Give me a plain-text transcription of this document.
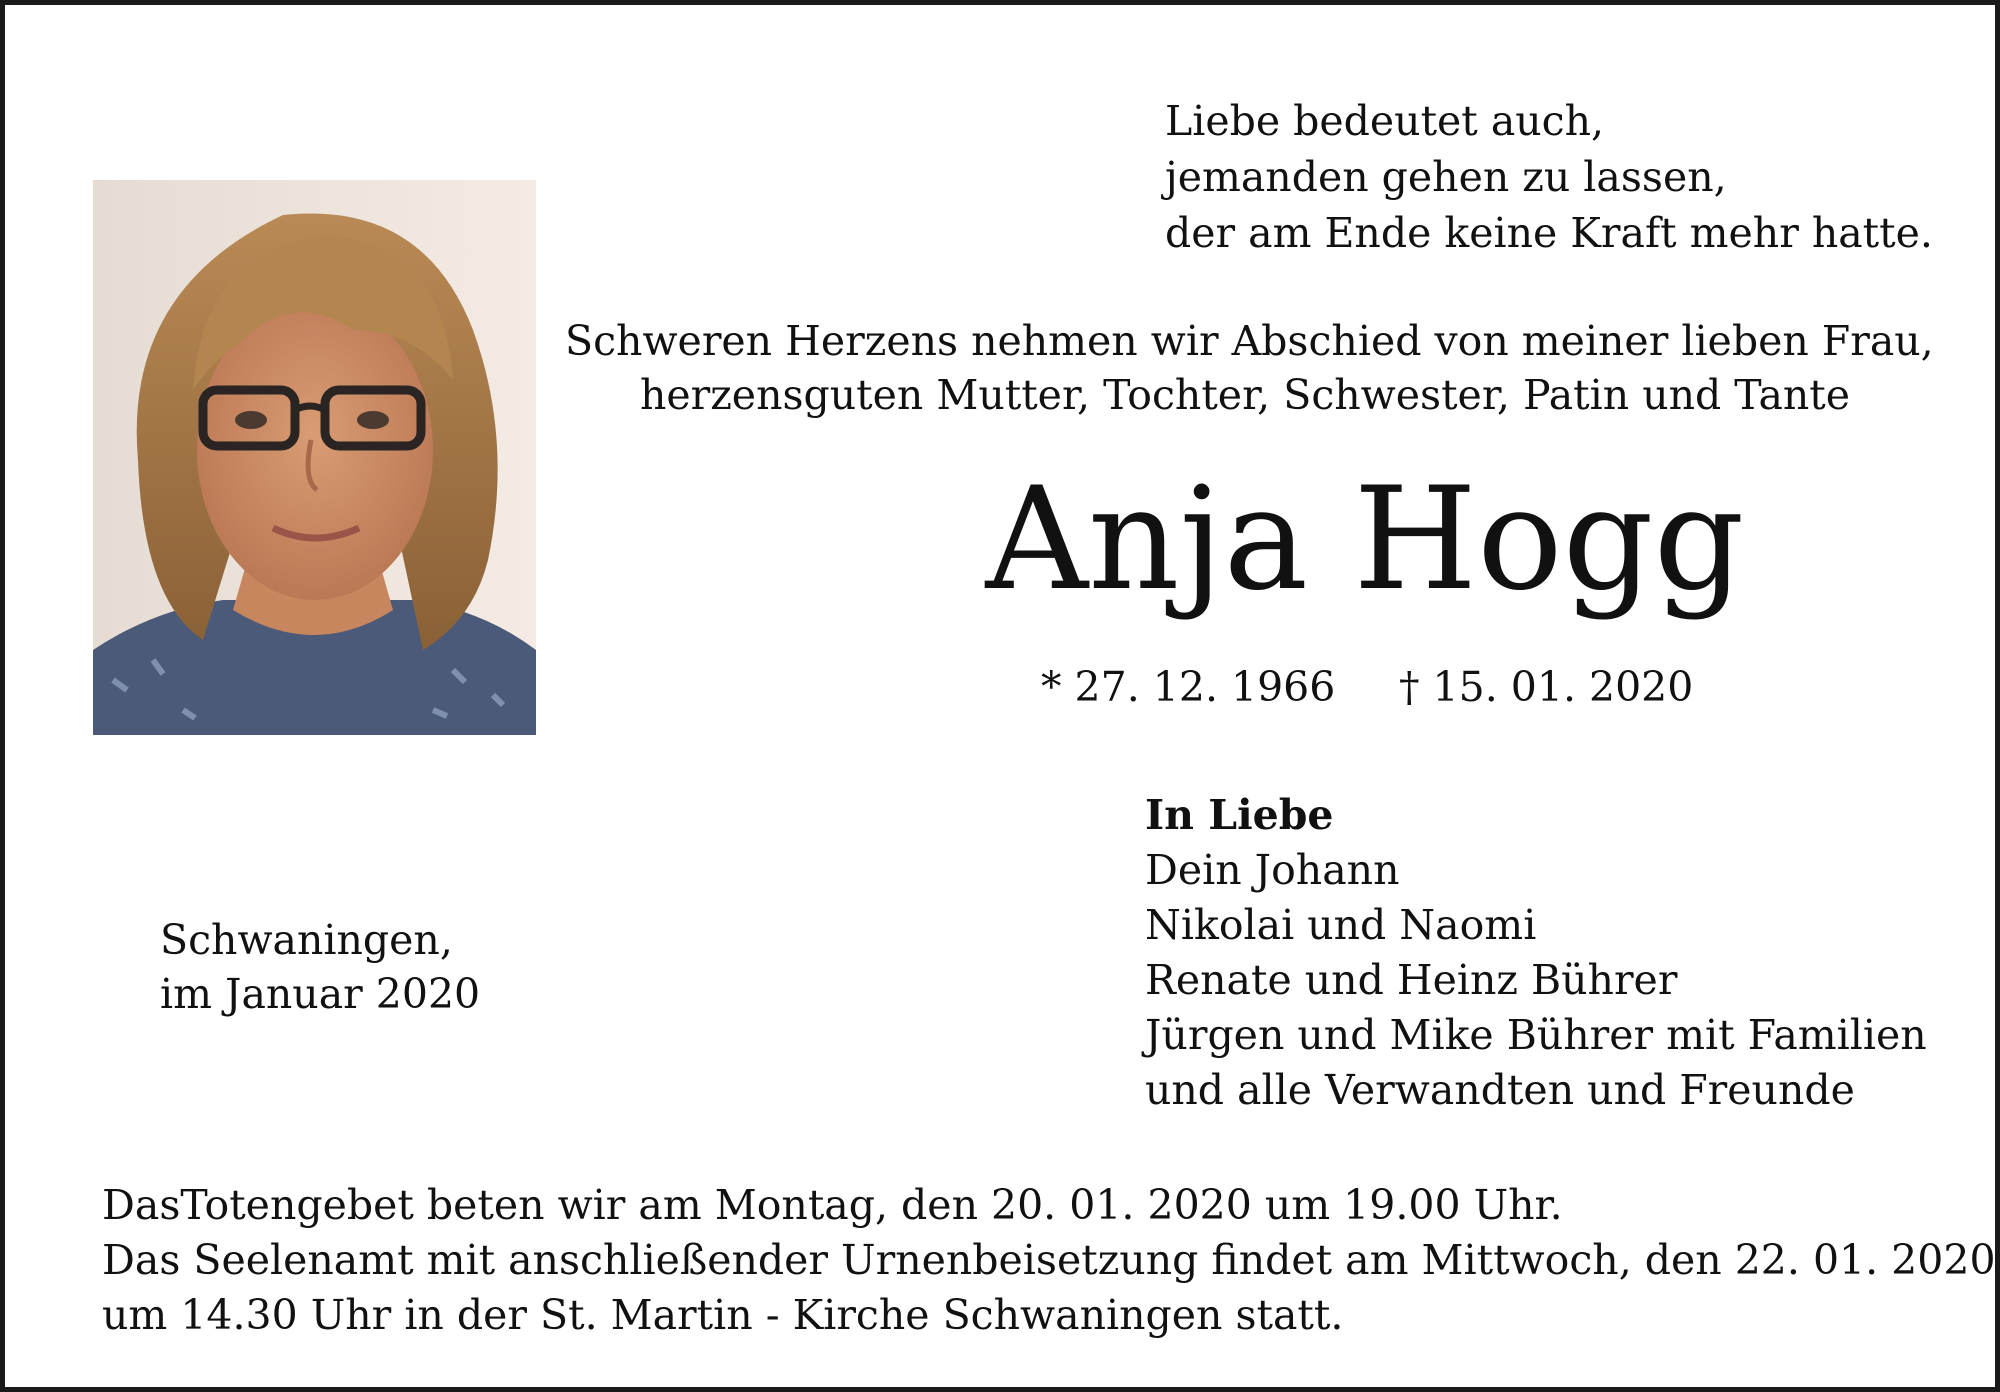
Liebe bedeutet auch,
jemanden gehen zu lassen,
der am Ende keine Kraft mehr hatte.
Schweren Herzens nehmen wir Abschied von meiner lieben Frau,
herzensguten Mutter, Tochter, Schwester, Patin und Tante
Anja Hogg
* 27. 12. 1966 † 15. 01. 2020
In Liebe
Dein Johann
Nikolai und Naomi
Renate und Heinz Bührer
Jürgen und Mike Bührer mit Familien
und alle Verwandten und Freunde
Schwaningen,
im Januar 2020
DasTotengebet beten wir am Montag, den 20. 01. 2020 um 19.00 Uhr.
Das Seelenamt mit anschließender Urnenbeisetzung findet am Mittwoch, den 22. 01. 2020
um 14.30 Uhr in der St. Martin - Kirche Schwaningen statt.
